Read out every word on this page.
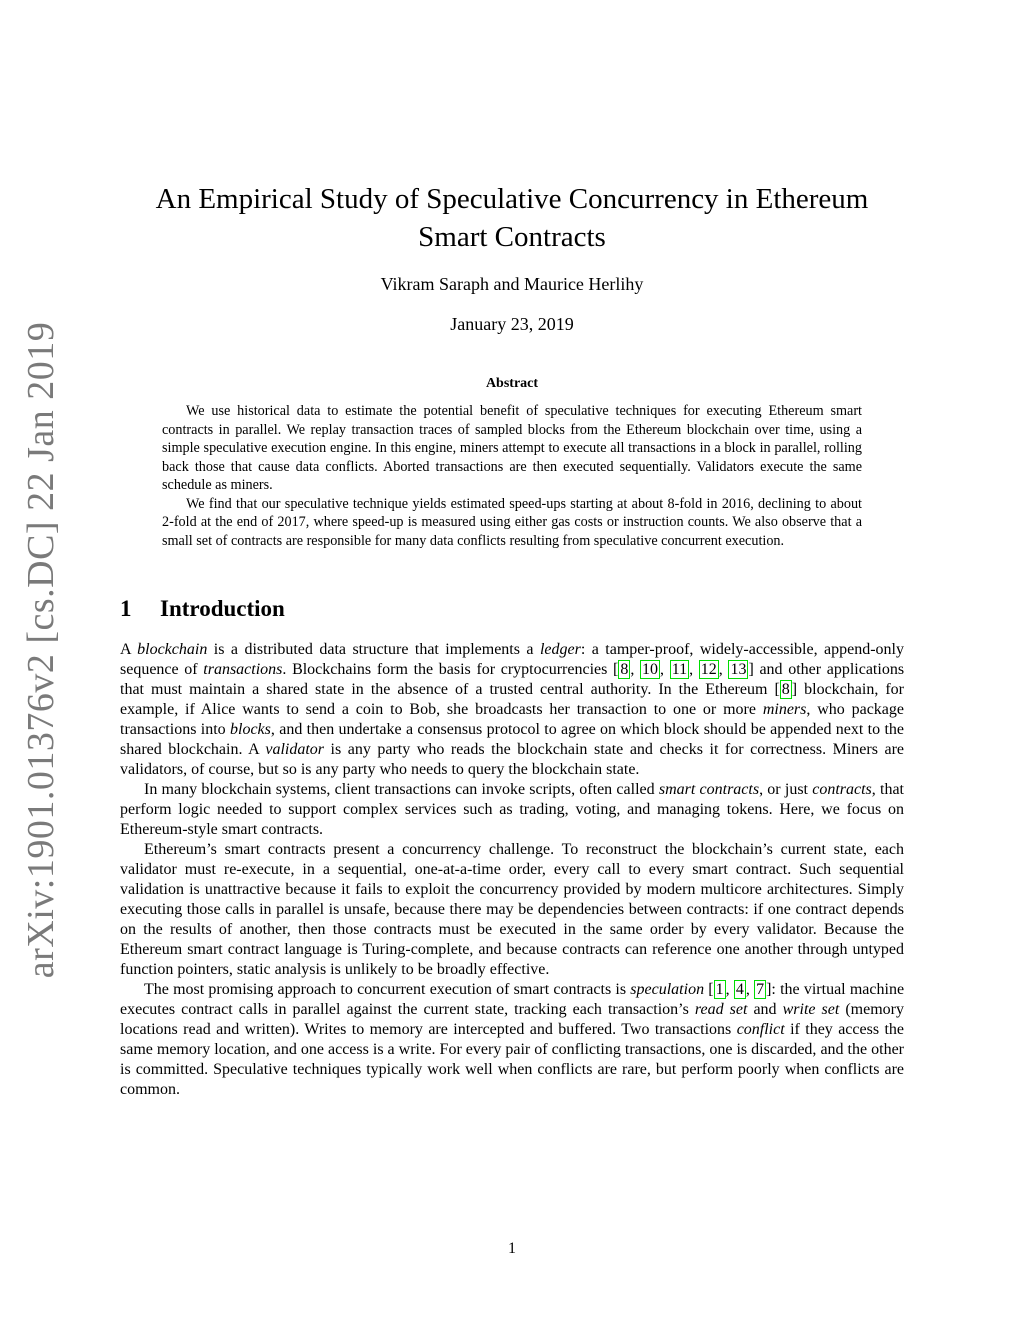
arXiv:1901.01376v2 [cs.DC] 22 Jan 2019
An Empirical Study of Speculative Concurrency in Ethereum Smart Contracts
Vikram Saraph and Maurice Herlihy
January 23, 2019
Abstract

We use historical data to estimate the potential benefit of speculative techniques for executing Ethereum smart contracts in parallel. We replay transaction traces of sampled blocks from the Ethereum blockchain over time, using a simple speculative execution engine. In this engine, miners attempt to execute all transactions in a block in parallel, rolling back those that cause data conflicts. Aborted transactions are then executed sequentially. Validators execute the same schedule as miners.

We find that our speculative technique yields estimated speed-ups starting at about 8-fold in 2016, declining to about 2-fold at the end of 2017, where speed-up is measured using either gas costs or instruction counts. We also observe that a small set of contracts are responsible for many data conflicts resulting from speculative concurrent execution.

1 Introduction

A blockchain is a distributed data structure that implements a ledger: a tamper-proof, widely-accessible, append-only sequence of transactions. Blockchains form the basis for cryptocurrencies [ 8 , 10 , 11 , 12 , 13 ] and other applications that must maintain a shared state in the absence of a trusted central authority. In the Ethereum [ 8 ] blockchain, for example, if Alice wants to send a coin to Bob, she broadcasts her transaction to one or more miners, who package transactions into blocks, and then undertake a consensus protocol to agree on which block should be appended next to the shared blockchain. A validator is any party who reads the blockchain state and checks it for correctness. Miners are validators, of course, but so is any party who needs to query the blockchain state.

In many blockchain systems, client transactions can invoke scripts, often called smart contracts, or just contracts, that perform logic needed to support complex services such as trading, voting, and managing tokens. Here, we focus on Ethereum-style smart contracts.

Ethereum’s smart contracts present a concurrency challenge. To reconstruct the blockchain’s current state, each validator must re-execute, in a sequential, one-at-a-time order, every call to every smart contract. Such sequential validation is unattractive because it fails to exploit the concurrency provided by modern multicore architectures. Simply executing those calls in parallel is unsafe, because there may be dependencies between contracts: if one contract depends on the results of another, then those contracts must be executed in the same order by every validator. Because the Ethereum smart contract language is Turing-complete, and because contracts can reference one another through untyped function pointers, static analysis is unlikely to be broadly effective.

The most promising approach to concurrent execution of smart contracts is speculation [ 1 , 4 , 7 ]: the virtual machine executes contract calls in parallel against the current state, tracking each transaction’s read set and write set (memory locations read and written). Writes to memory are intercepted and buffered. Two transactions conflict if they access the same memory location, and one access is a write. For every pair of conflicting transactions, one is discarded, and the other is committed. Speculative techniques typically work well when conflicts are rare, but perform poorly when conflicts are common.

1
